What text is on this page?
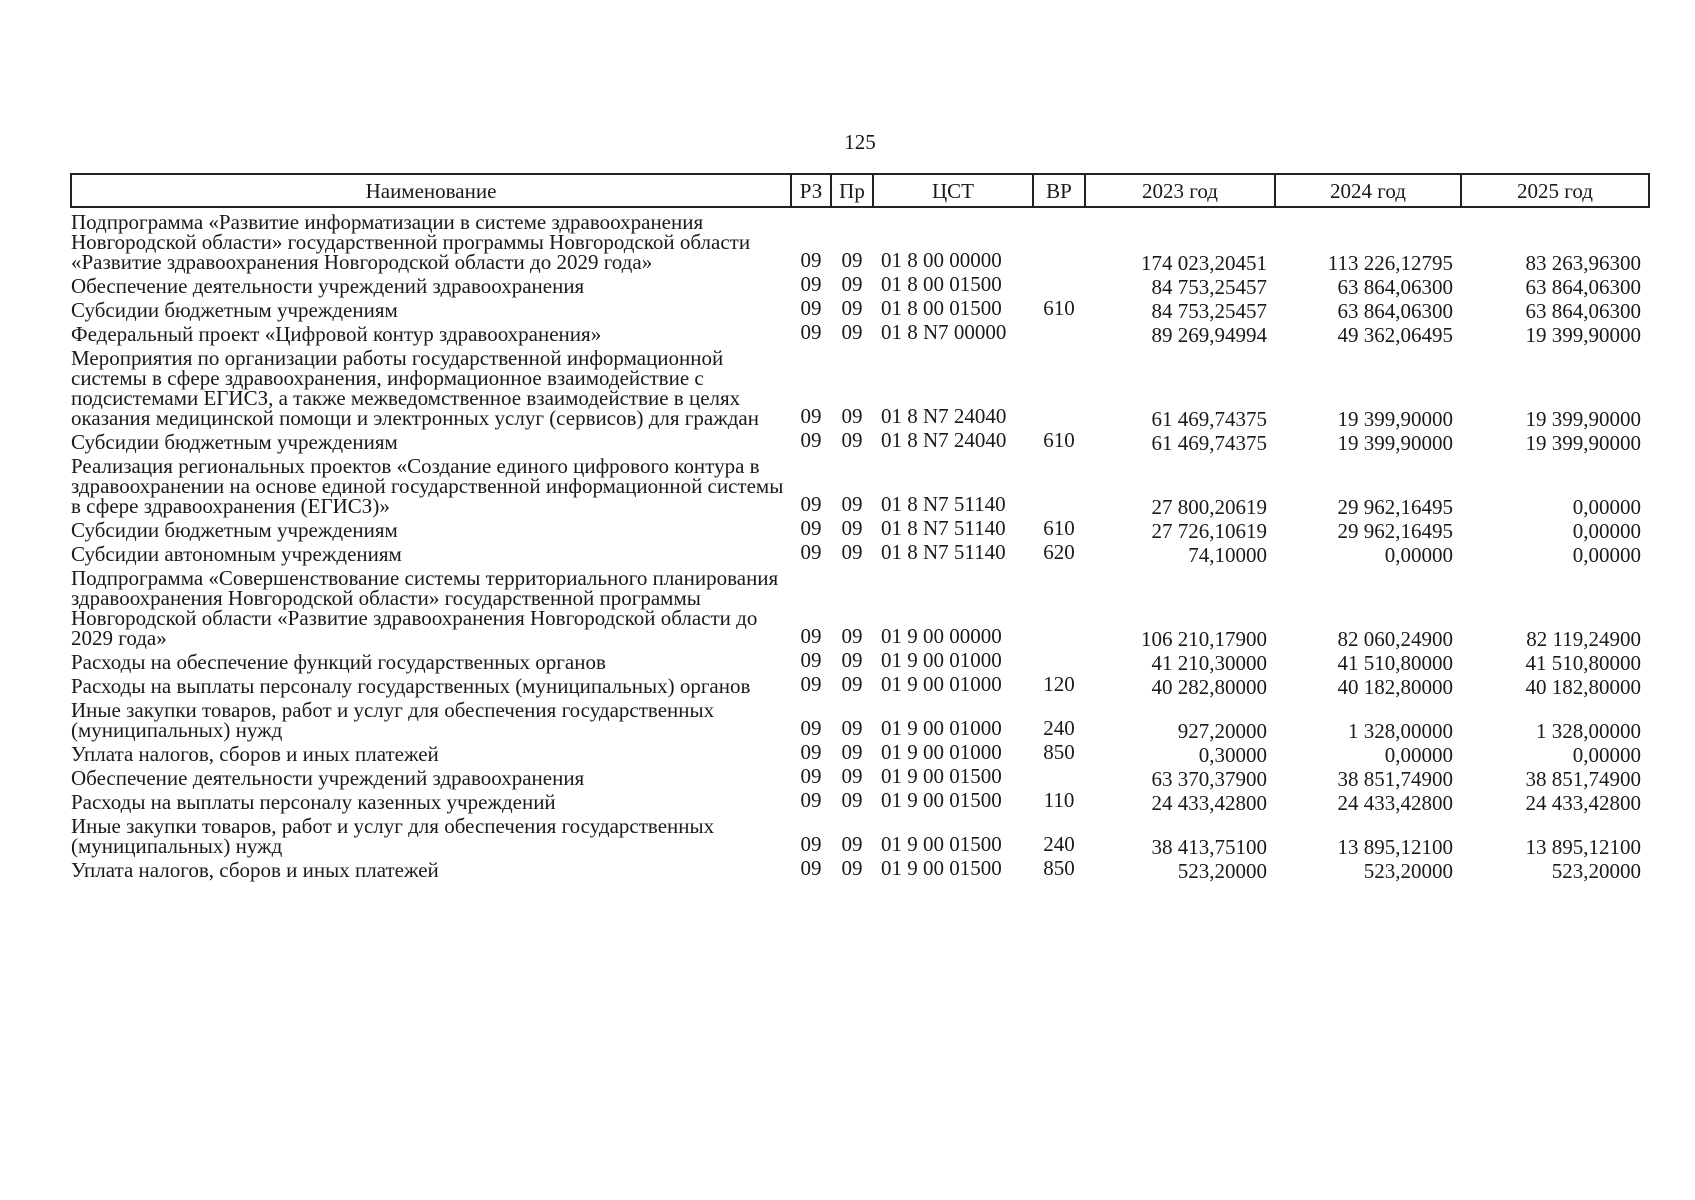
125
Наименование	РЗ	Пр	ЦСТ	ВР	2023 год	2024 год	2025 год
Подпрограмма «Развитие информатизации в системе здравоохранения Новгородской области» государственной программы Новгородской области «Развитие здравоохранения Новгородской области до 2029 года»	09	09	01 8 00 00000		174 023,20451	113 226,12795	83 263,96300
Обеспечение деятельности учреждений здравоохранения	09	09	01 8 00 01500		84 753,25457	63 864,06300	63 864,06300
Субсидии бюджетным учреждениям	09	09	01 8 00 01500	610	84 753,25457	63 864,06300	63 864,06300
Федеральный проект «Цифровой контур здравоохранения»	09	09	01 8 N7 00000		89 269,94994	49 362,06495	19 399,90000
Мероприятия по организации работы государственной информационной системы в сфере здравоохранения, информационное взаимодействие с подсистемами ЕГИСЗ, а также межведомственное взаимодействие в целях оказания медицинской помощи и электронных услуг (сервисов) для граждан	09	09	01 8 N7 24040		61 469,74375	19 399,90000	19 399,90000
Субсидии бюджетным учреждениям	09	09	01 8 N7 24040	610	61 469,74375	19 399,90000	19 399,90000
Реализация региональных проектов «Создание единого цифрового контура в здравоохранении на основе единой государственной информационной системы в сфере здравоохранения (ЕГИСЗ)»	09	09	01 8 N7 51140		27 800,20619	29 962,16495	0,00000
Субсидии бюджетным учреждениям	09	09	01 8 N7 51140	610	27 726,10619	29 962,16495	0,00000
Субсидии автономным учреждениям	09	09	01 8 N7 51140	620	74,10000	0,00000	0,00000
Подпрограмма «Совершенствование системы территориального планирования здравоохранения Новгородской области» государственной программы Новгородской области «Развитие здравоохранения Новгородской области до 2029 года»	09	09	01 9 00 00000		106 210,17900	82 060,24900	82 119,24900
Расходы на обеспечение функций государственных органов	09	09	01 9 00 01000		41 210,30000	41 510,80000	41 510,80000
Расходы на выплаты персоналу государственных (муниципальных) органов	09	09	01 9 00 01000	120	40 282,80000	40 182,80000	40 182,80000
Иные закупки товаров, работ и услуг для обеспечения государственных (муниципальных) нужд	09	09	01 9 00 01000	240	927,20000	1 328,00000	1 328,00000
Уплата налогов, сборов и иных платежей	09	09	01 9 00 01000	850	0,30000	0,00000	0,00000
Обеспечение деятельности учреждений здравоохранения	09	09	01 9 00 01500		63 370,37900	38 851,74900	38 851,74900
Расходы на выплаты персоналу казенных учреждений	09	09	01 9 00 01500	110	24 433,42800	24 433,42800	24 433,42800
Иные закупки товаров, работ и услуг для обеспечения государственных (муниципальных) нужд	09	09	01 9 00 01500	240	38 413,75100	13 895,12100	13 895,12100
Уплата налогов, сборов и иных платежей	09	09	01 9 00 01500	850	523,20000	523,20000	523,20000
